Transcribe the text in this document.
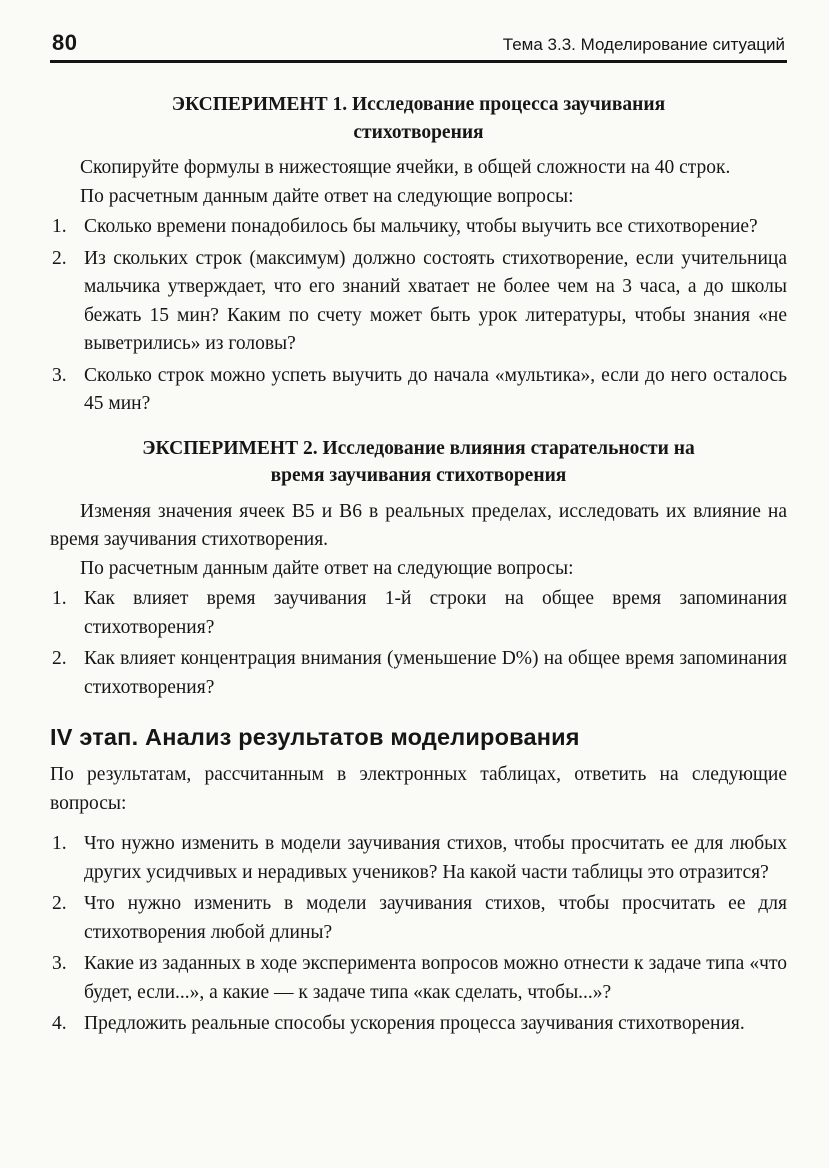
80	Тема 3.3. Моделирование ситуаций
ЭКСПЕРИМЕНТ 1. Исследование процесса заучивания стихотворения

Скопируйте формулы в нижестоящие ячейки, в общей сложности на 40 строк.

По расчетным данным дайте ответ на следующие вопросы:

1. Сколько времени понадобилось бы мальчику, чтобы выучить все стихотворение?
2. Из скольких строк (максимум) должно состоять стихотворение, если учительница мальчика утверждает, что его знаний хватает не более чем на 3 часа, а до школы бежать 15 мин? Каким по счету может быть урок литературы, чтобы знания «не выветрились» из головы?
3. Сколько строк можно успеть выучить до начала «мультика», если до него осталось 45 мин?
ЭКСПЕРИМЕНТ 2. Исследование влияния старательности на время заучивания стихотворения

Изменяя значения ячеек B5 и B6 в реальных пределах, исследовать их влияние на время заучивания стихотворения.

По расчетным данным дайте ответ на следующие вопросы:

1. Как влияет время заучивания 1-й строки на общее время запоминания стихотворения?
2. Как влияет концентрация внимания (уменьшение D%) на общее время запоминания стихотворения?
IV этап. Анализ результатов моделирования

По результатам, рассчитанным в электронных таблицах, ответить на следующие вопросы:

1. Что нужно изменить в модели заучивания стихов, чтобы просчитать ее для любых других усидчивых и нерадивых учеников? На какой части таблицы это отразится?
2. Что нужно изменить в модели заучивания стихов, чтобы просчитать ее для стихотворения любой длины?
3. Какие из заданных в ходе эксперимента вопросов можно отнести к задаче типа «что будет, если...», а какие — к задаче типа «как сделать, чтобы...»?
4. Предложить реальные способы ускорения процесса заучивания стихотворения.
